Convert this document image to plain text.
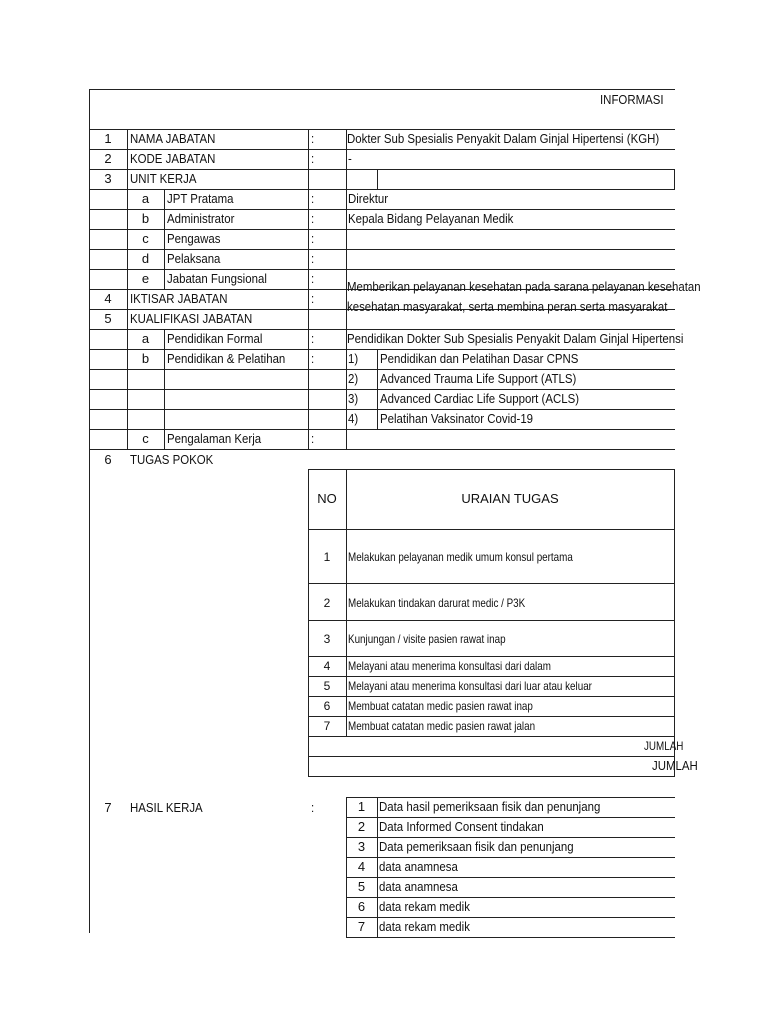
INFORMASI
1	NAMA JABATAN	:	Dokter Sub Spesialis Penyakit Dalam Ginjal Hipertensi (KGH)
2	KODE JABATAN	:	-
3	UNIT KERJA
a	JPT Pratama	:	Direktur
b	Administrator	:	Kepala Bidang Pelayanan Medik
c	Pengawas	:
d	Pelaksana	:
e	Jabatan Fungsional	:
4	IKTISAR JABATAN	:
Memberikan pelayanan kesehatan pada sarana pelayanan kesehatan
kesehatan masyarakat, serta membina peran serta masyarakat
5	KUALIFIKASI JABATAN
a	Pendidikan Formal	:	Pendidikan Dokter Sub Spesialis Penyakit Dalam Ginjal Hipertensi
b	Pendidikan & Pelatihan :	1) Pendidikan dan Pelatihan Dasar CPNS
2) Advanced Trauma Life Support (ATLS)
3) Advanced Cardiac Life Support (ACLS)
4) Pelatihan Vaksinator Covid-19
c	Pengalaman Kerja	:
6	TUGAS POKOK
NO	URAIAN TUGAS
1	Melakukan pelayanan medik umum konsul pertama
2	Melakukan tindakan darurat medic / P3K
3	Kunjungan / visite pasien rawat inap
4	Melayani atau menerima konsultasi dari dalam
5	Melayani atau menerima konsultasi dari luar atau keluar
6	Membuat catatan medic pasien rawat inap
7	Membuat catatan medic pasien rawat jalan
JUMLAH
JUMLAH
7	HASIL KERJA	:	1	Data hasil pemeriksaan fisik dan penunjang
2	Data Informed Consent tindakan
3	Data pemeriksaan fisik dan penunjang
4	data anamnesa
5	data anamnesa
6	data rekam medik
7	data rekam medik
